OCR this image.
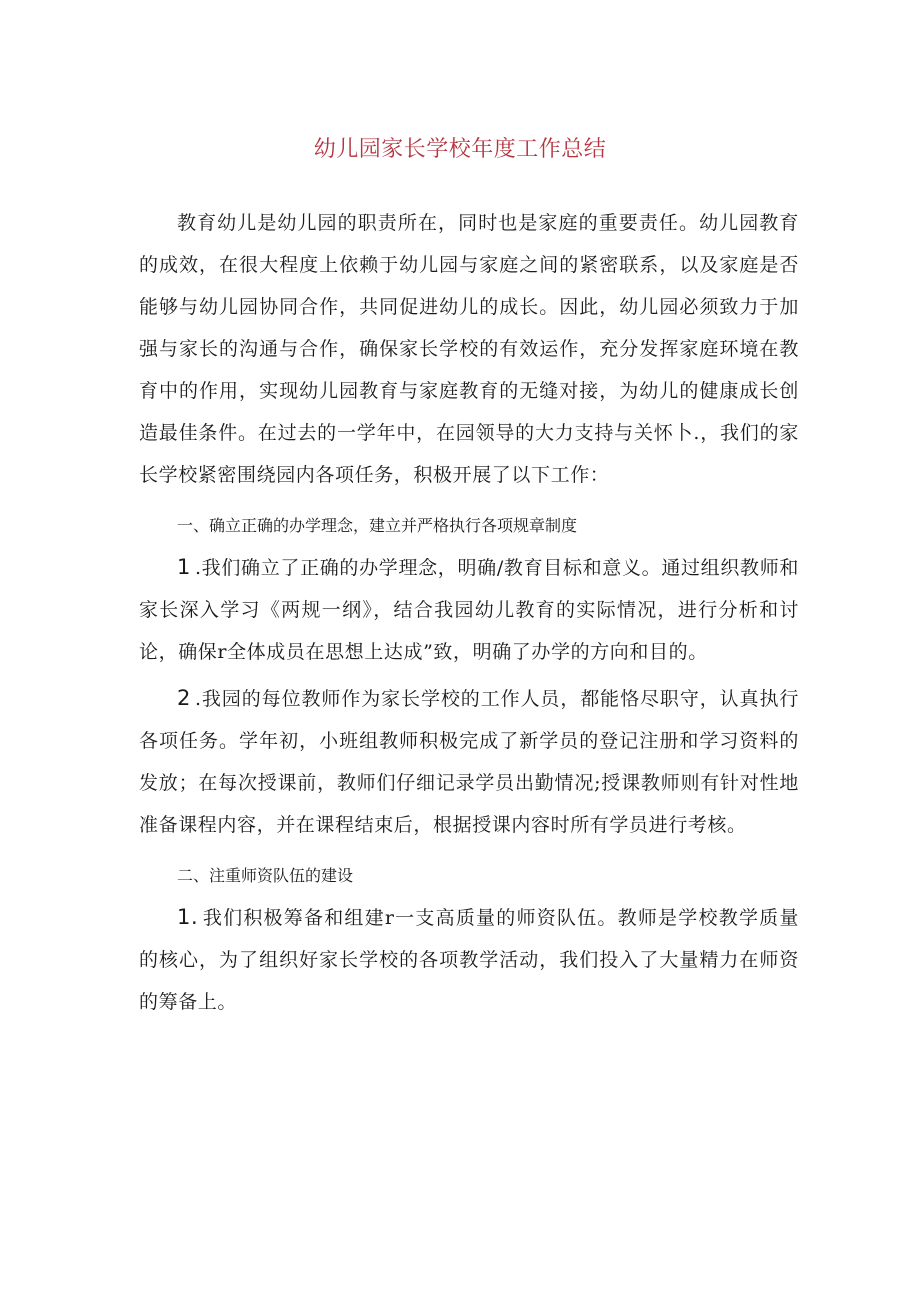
幼儿园家长学校年度工作总结

教育幼儿是幼儿园的职责所在，同时也是家庭的重要责任。幼儿园教育的成效，在很大程度上依赖于幼儿园与家庭之间的紧密联系，以及家庭是否能够与幼儿园协同合作，共同促进幼儿的成长。因此，幼儿园必须致力于加强与家长的沟通与合作，确保家长学校的有效运作，充分发挥家庭环境在教育中的作用，实现幼儿园教育与家庭教育的无缝对接，为幼儿的健康成长创造最佳条件。在过去的一学年中，在园领导的大力支持与关怀卜.，我们的家长学校紧密围绕园内各项任务，积极开展了以下工作：

一、确立正确的办学理念，建立并严格执行各项规章制度

1 .我们确立了正确的办学理念，明确/教育目标和意义。通过组织教师和家长深入学习《两规一纲》，结合我园幼儿教育的实际情况，进行分析和讨论，确保r全体成员在思想上达成”致，明确了办学的方向和目的。

2 .我园的每位教师作为家长学校的工作人员，都能恪尽职守，认真执行各项任务。学年初，小班组教师积极完成了新学员的登记注册和学习资料的发放；在每次授课前，教师们仔细记录学员出勤情况;授课教师则有针对性地准备课程内容，并在课程结束后，根据授课内容时所有学员进行考核。

二、注重师资队伍的建设

1. 我们积极筹备和组建r一支高质量的师资队伍。教师是学校教学质量的核心，为了组织好家长学校的各项教学活动，我们投入了大量精力在师资的筹备上。
